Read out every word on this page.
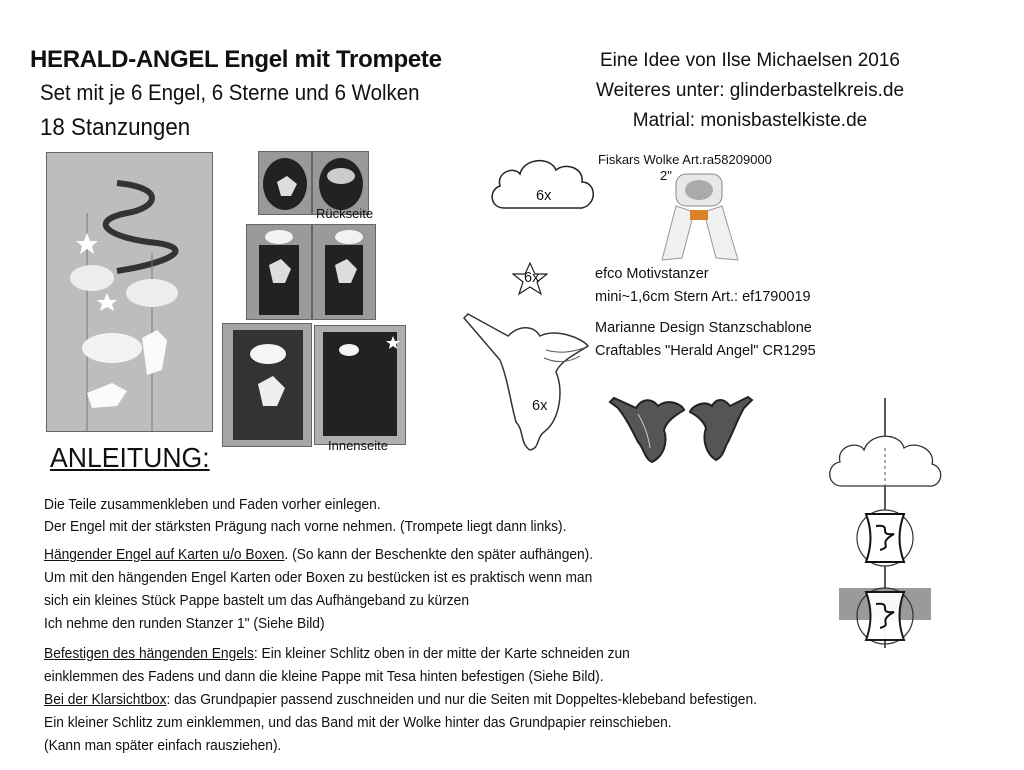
HERALD-ANGEL Engel mit Trompete
Set mit je 6 Engel, 6 Sterne und 6 Wolken
18 Stanzungen
Eine Idee von Ilse Michaelsen 2016
Weiteres unter: glinderbastelkreis.de
Matrial: monisbastelkiste.de
Rückseite
Innenseite
6x
Fiskars Wolke Art.ra58209000
2"
6x	efco Motivstanzer
mini~1,6cm Stern Art.: ef1790019
Marianne Design Stanzschablone
Craftables "Herald Angel" CR1295
6x
ANLEITUNG:
Die Teile zusammenkleben und Faden vorher einlegen.
Der Engel mit der stärksten Prägung nach vorne nehmen. (Trompete liegt dann links).
Hängender Engel auf Karten u/o Boxen. (So kann der Beschenkte den später aufhängen).
Um mit den hängenden Engel Karten oder Boxen zu bestücken ist es praktisch wenn man
sich ein kleines Stück Pappe bastelt um das Aufhängeband zu kürzen
Ich nehme den runden Stanzer 1" (Siehe Bild)
Befestigen des hängenden Engels: Ein kleiner Schlitz oben in der mitte der Karte schneiden zun
einklemmen des Fadens und dann die kleine Pappe mit Tesa hinten befestigen (Siehe Bild).
Bei der Klarsichtbox: das Grundpapier passend zuschneiden und nur die Seiten mit Doppeltes-klebeband befestigen.
Ein kleiner Schlitz zum einklemmen, und das Band mit der Wolke hinter das Grundpapier reinschieben.
(Kann man später einfach rausziehen).
